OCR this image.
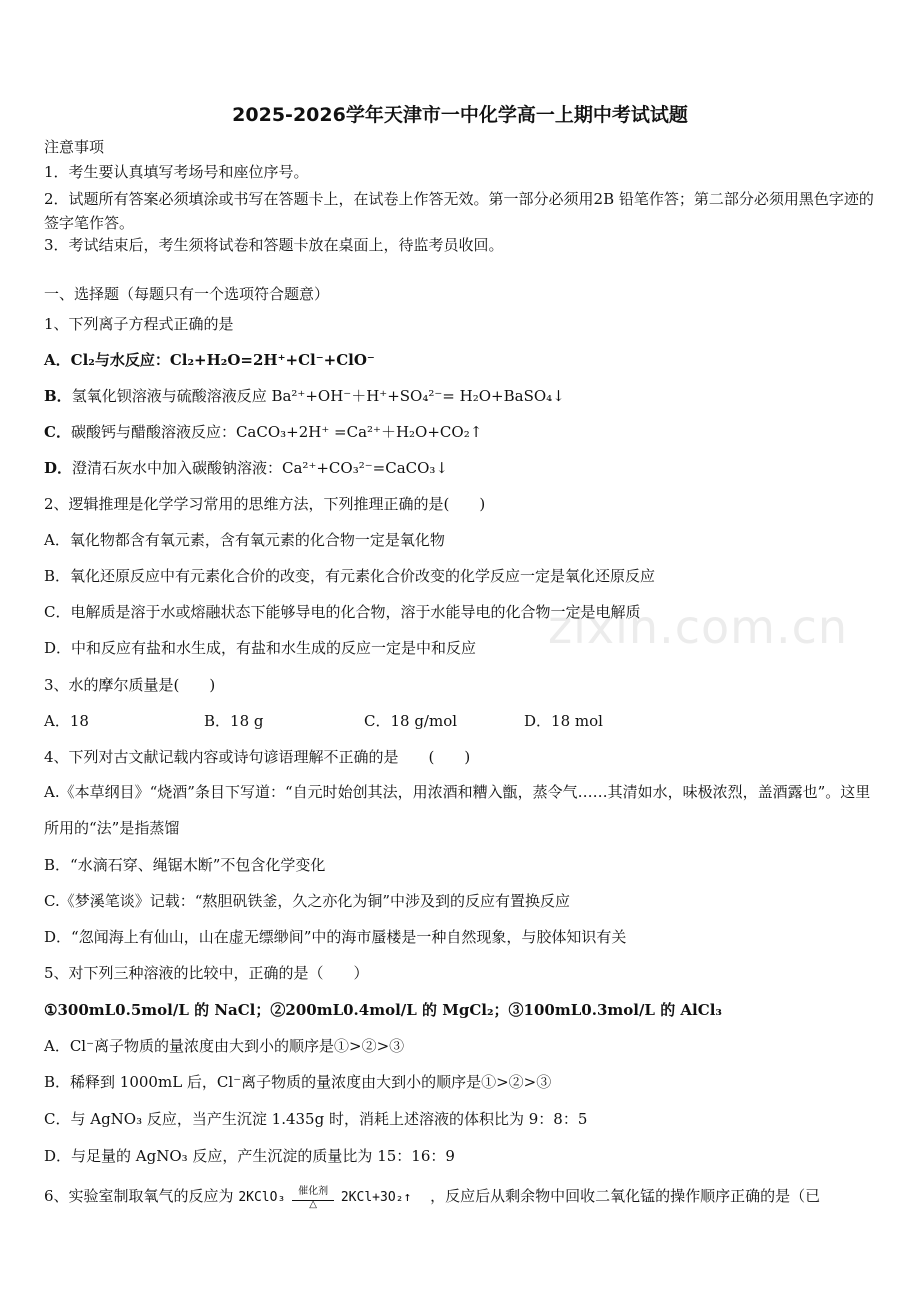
zixin.com.cn
2025-2026学年天津市一中化学高一上期中考试试题
注意事项
1．考生要认真填写考场号和座位序号。
2．试题所有答案必须填涂或书写在答题卡上，在试卷上作答无效。第一部分必须用2B 铅笔作答；第二部分必须用黑色字迹的签字笔作答。
3．考试结束后，考生须将试卷和答题卡放在桌面上，待监考员收回。
一、选择题（每题只有一个选项符合题意）
1、下列离子方程式正确的是
A．Cl₂与水反应：Cl₂+H₂O=2H⁺+Cl⁻+ClO⁻
B．氢氧化钡溶液与硫酸溶液反应 Ba²⁺+OH⁻＋H⁺+SO₄²⁻= H₂O+BaSO₄↓
C．碳酸钙与醋酸溶液反应：CaCO₃+2H⁺ =Ca²⁺＋H₂O+CO₂↑
D．澄清石灰水中加入碳酸钠溶液：Ca²⁺+CO₃²⁻=CaCO₃↓
2、逻辑推理是化学学习常用的思维方法，下列推理正确的是(　　)
A．氧化物都含有氧元素，含有氧元素的化合物一定是氧化物
B．氧化还原反应中有元素化合价的改变，有元素化合价改变的化学反应一定是氧化还原反应
C．电解质是溶于水或熔融状态下能够导电的化合物，溶于水能导电的化合物一定是电解质
D．中和反应有盐和水生成，有盐和水生成的反应一定是中和反应
3、水的摩尔质量是(　　)
A．18	B．18 g	C．18 g/mol	D．18 mol
4、下列对古文献记载内容或诗句谚语理解不正确的是　　(　　)
A.《本草纲目》“烧酒”条目下写道：“自元时始创其法，用浓酒和糟入甑，蒸令气……其清如水，味极浓烈，盖酒露也”。这里所用的“法”是指蒸馏
B．“水滴石穿、绳锯木断”不包含化学变化
C.《梦溪笔谈》记载：“熬胆矾铁釜，久之亦化为铜”中涉及到的反应有置换反应
D．“忽闻海上有仙山，山在虚无缥缈间”中的海市蜃楼是一种自然现象，与胶体知识有关
5、对下列三种溶液的比较中，正确的是（　　）
①300mL0.5mol/L 的 NaCl；②200mL0.4mol/L 的 MgCl₂；③100mL0.3mol/L 的 AlCl₃
A．Cl⁻离子物质的量浓度由大到小的顺序是①>②>③
B．稀释到 1000mL 后，Cl⁻离子物质的量浓度由大到小的顺序是①>②>③
C．与 AgNO₃ 反应，当产生沉淀 1.435g 时，消耗上述溶液的体积比为 9：8：5
D．与足量的 AgNO₃ 反应，产生沉淀的质量比为 15：16：9
6、实验室制取氧气的反应为 2KClO₃ 催化剂
△	2KCl+3O₂↑ ，反应后从剩余物中回收二氧化锰的操作顺序正确的是（已
